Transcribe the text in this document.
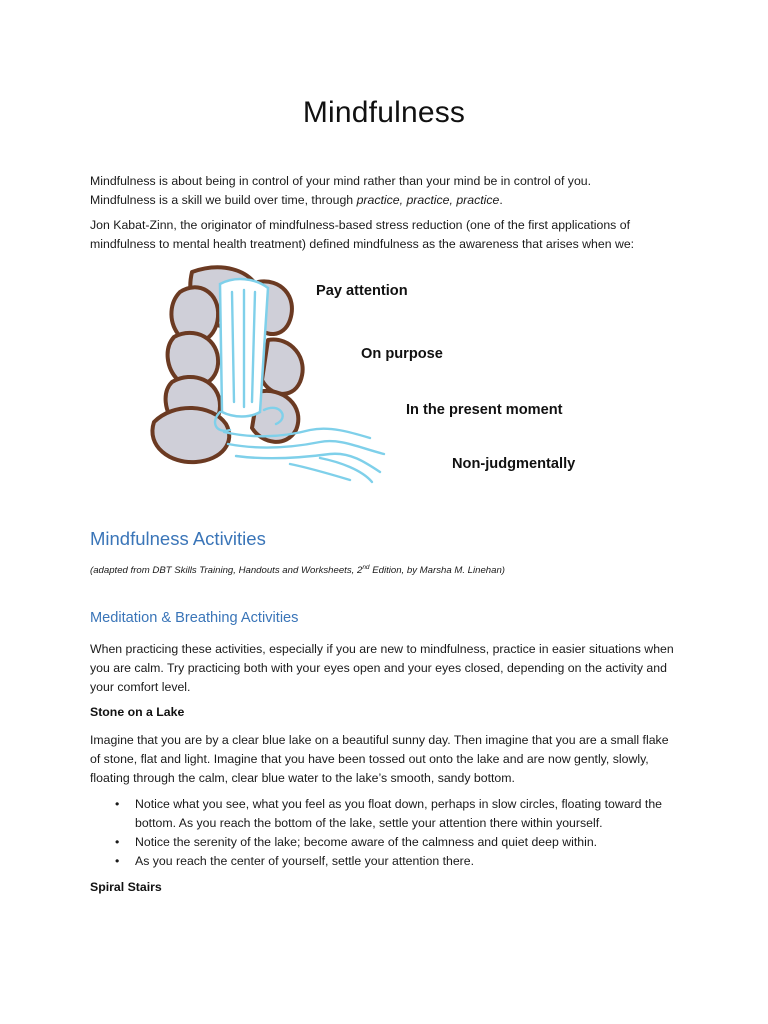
Mindfulness

Mindfulness is about being in control of your mind rather than your mind be in control of you.
Mindfulness is a skill we build over time, through practice, practice, practice.

Jon Kabat-Zinn, the originator of mindfulness-based stress reduction (one of the first applications of mindfulness to mental health treatment) defined mindfulness as the awareness that arises when we:

Pay attention

On purpose

In the present moment

Non-judgmentally

Mindfulness Activities

(adapted from DBT Skills Training, Handouts and Worksheets, 2nd Edition, by Marsha M. Linehan)

Meditation & Breathing Activities

When practicing these activities, especially if you are new to mindfulness, practice in easier situations when you are calm. Try practicing both with your eyes open and your eyes closed, depending on the activity and your comfort level.

Stone on a Lake

Imagine that you are by a clear blue lake on a beautiful sunny day. Then imagine that you are a small flake of stone, flat and light. Imagine that you have been tossed out onto the lake and are now gently, slowly, floating through the calm, clear blue water to the lake’s smooth, sandy bottom.

• Notice what you see, what you feel as you float down, perhaps in slow circles, floating toward the bottom. As you reach the bottom of the lake, settle your attention there within yourself.
• Notice the serenity of the lake; become aware of the calmness and quiet deep within.
• As you reach the center of yourself, settle your attention there.

Spiral Stairs
